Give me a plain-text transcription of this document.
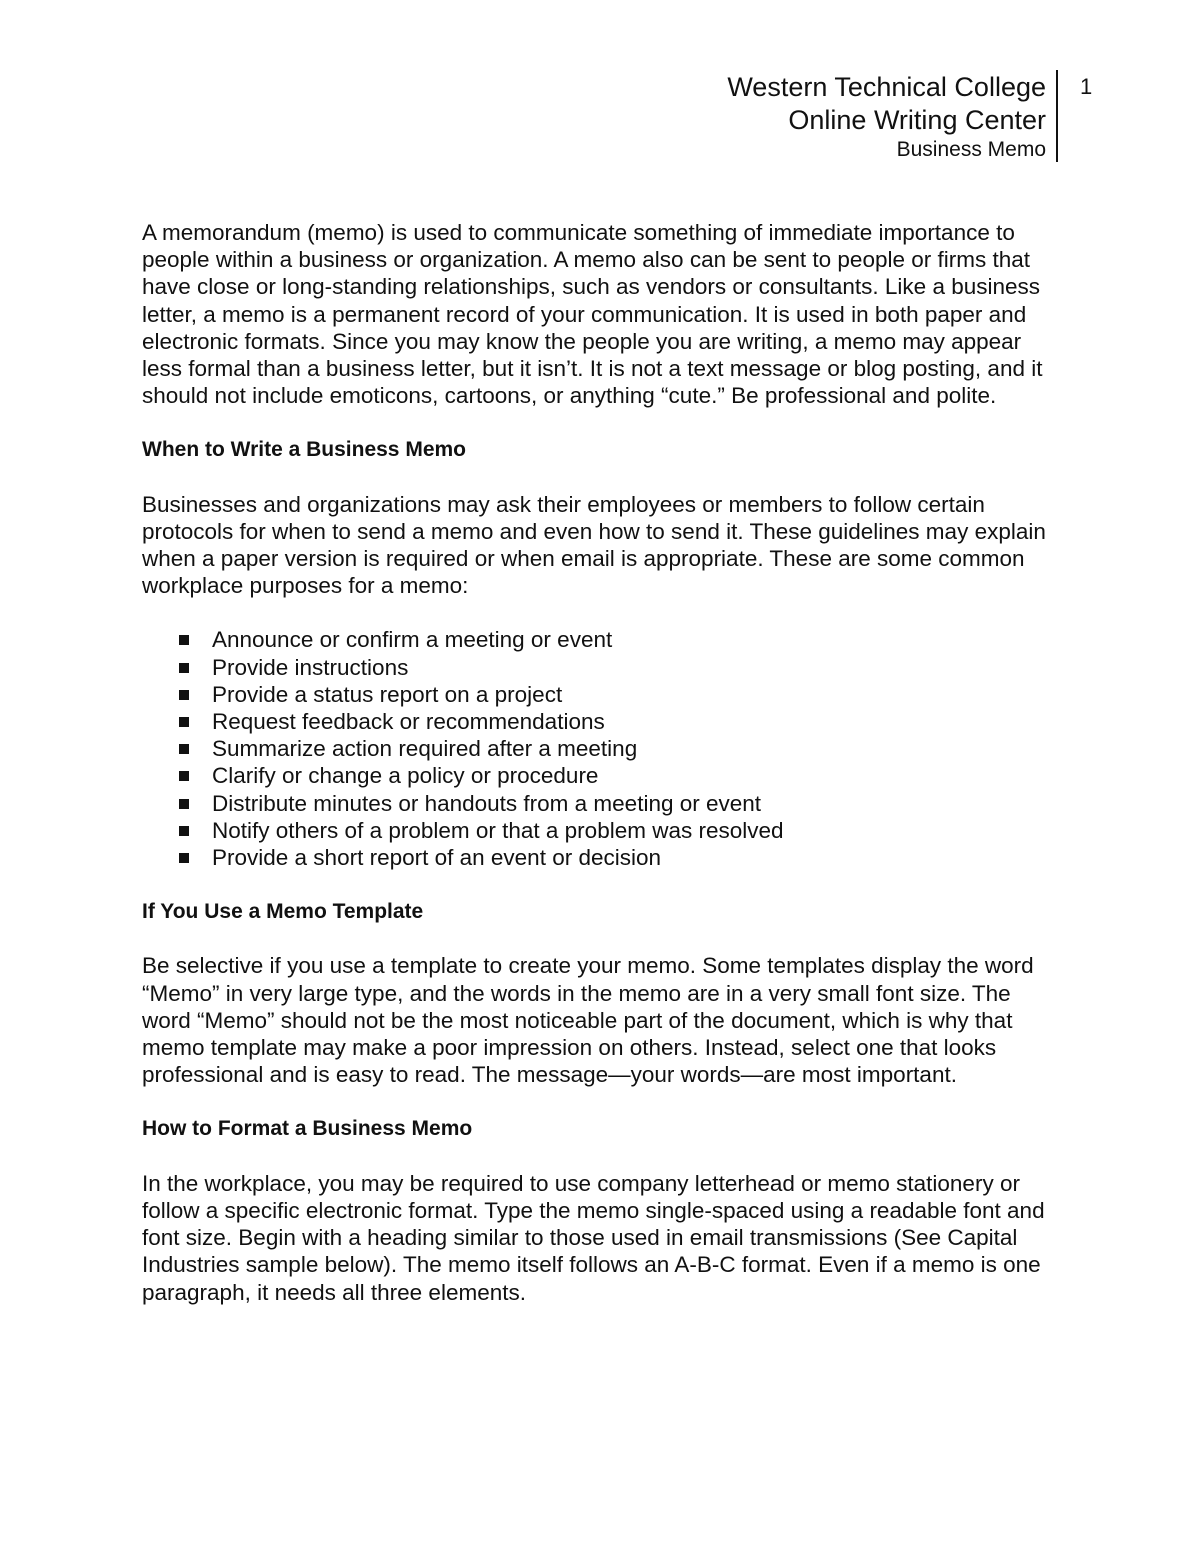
Western Technical College
Online Writing Center
Business Memo
1

A memorandum (memo) is used to communicate something of immediate importance to people within a business or organization. A memo also can be sent to people or firms that have close or long-standing relationships, such as vendors or consultants. Like a business letter, a memo is a permanent record of your communication. It is used in both paper and electronic formats. Since you may know the people you are writing, a memo may appear less formal than a business letter, but it isn’t. It is not a text message or blog posting, and it should not include emoticons, cartoons, or anything “cute.” Be professional and polite.

When to Write a Business Memo

Businesses and organizations may ask their employees or members to follow certain protocols for when to send a memo and even how to send it. These guidelines may explain when a paper version is required or when email is appropriate. These are some common workplace purposes for a memo:

Announce or confirm a meeting or event
Provide instructions
Provide a status report on a project
Request feedback or recommendations
Summarize action required after a meeting
Clarify or change a policy or procedure
Distribute minutes or handouts from a meeting or event
Notify others of a problem or that a problem was resolved
Provide a short report of an event or decision
If You Use a Memo Template

Be selective if you use a template to create your memo. Some templates display the word “Memo” in very large type, and the words in the memo are in a very small font size. The word “Memo” should not be the most noticeable part of the document, which is why that memo template may make a poor impression on others. Instead, select one that looks professional and is easy to read. The message—your words—are most important.

How to Format a Business Memo

In the workplace, you may be required to use company letterhead or memo stationery or follow a specific electronic format. Type the memo single-spaced using a readable font and font size. Begin with a heading similar to those used in email transmissions (See Capital Industries sample below). The memo itself follows an A-B-C format. Even if a memo is one paragraph, it needs all three elements.
